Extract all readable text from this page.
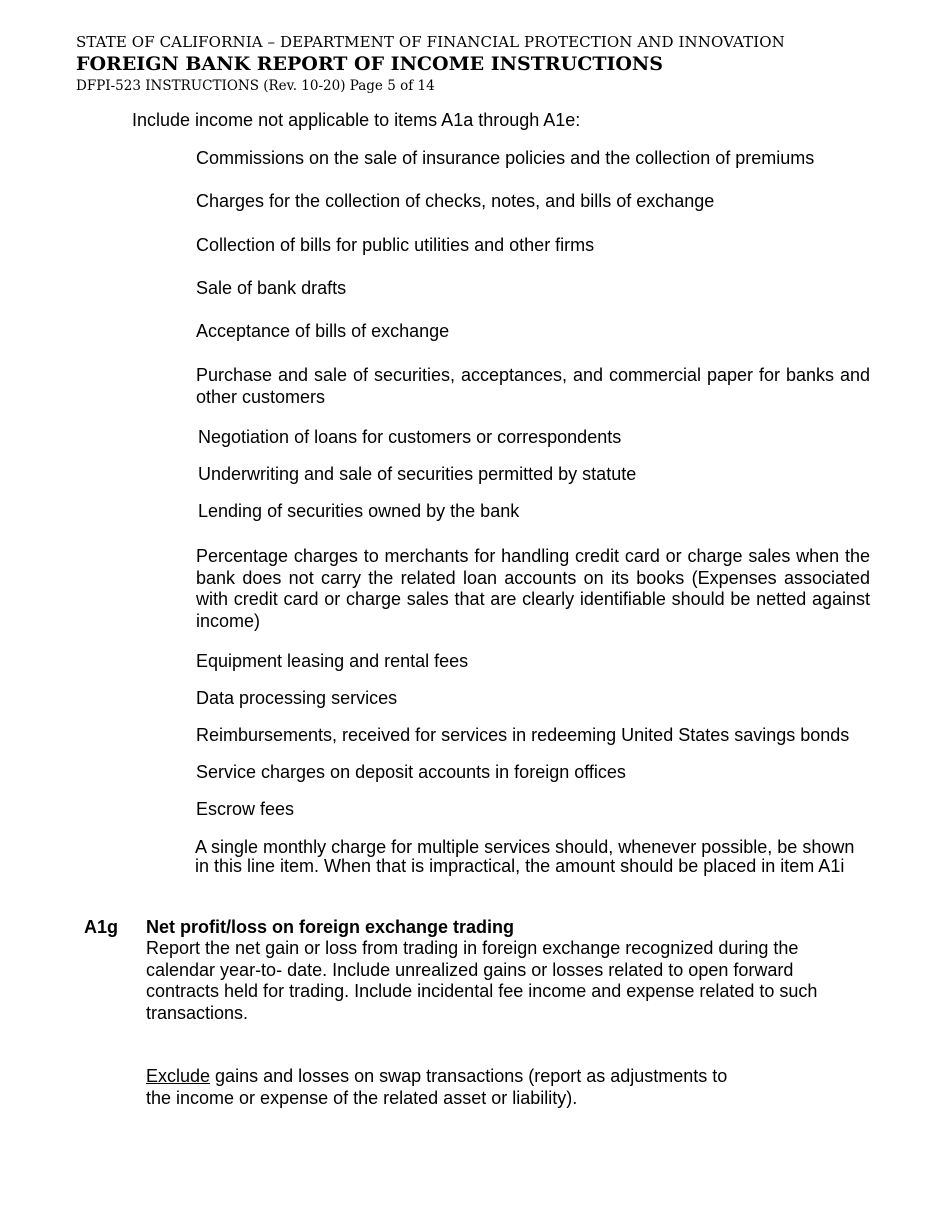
STATE OF CALIFORNIA – DEPARTMENT OF FINANCIAL PROTECTION AND INNOVATION
FOREIGN BANK REPORT OF INCOME INSTRUCTIONS
DFPI-523 INSTRUCTIONS (Rev. 10-20) Page 5 of 14
Include income not applicable to items A1a through A1e:
Commissions on the sale of insurance policies and the collection of premiums
Charges for the collection of checks, notes, and bills of exchange
Collection of bills for public utilities and other firms
Sale of bank drafts
Acceptance of bills of exchange
Purchase and sale of securities, acceptances, and commercial paper for banks and other customers
Negotiation of loans for customers or correspondents
Underwriting and sale of securities permitted by statute
Lending of securities owned by the bank
Percentage charges to merchants for handling credit card or charge sales when the bank does not carry the related loan accounts on its books (Expenses associated with credit card or charge sales that are clearly identifiable should be netted against income)
Equipment leasing and rental fees
Data processing services
Reimbursements, received for services in redeeming United States savings bonds
Service charges on deposit accounts in foreign offices
Escrow fees
A single monthly charge for multiple services should, whenever possible, be shown in this line item. When that is impractical, the amount should be placed in item A1i
A1g Net profit/loss on foreign exchange trading
Report the net gain or loss from trading in foreign exchange recognized during the calendar year-to- date. Include unrealized gains or losses related to open forward contracts held for trading. Include incidental fee income and expense related to such transactions.
Exclude gains and losses on swap transactions (report as adjustments to the income or expense of the related asset or liability).
